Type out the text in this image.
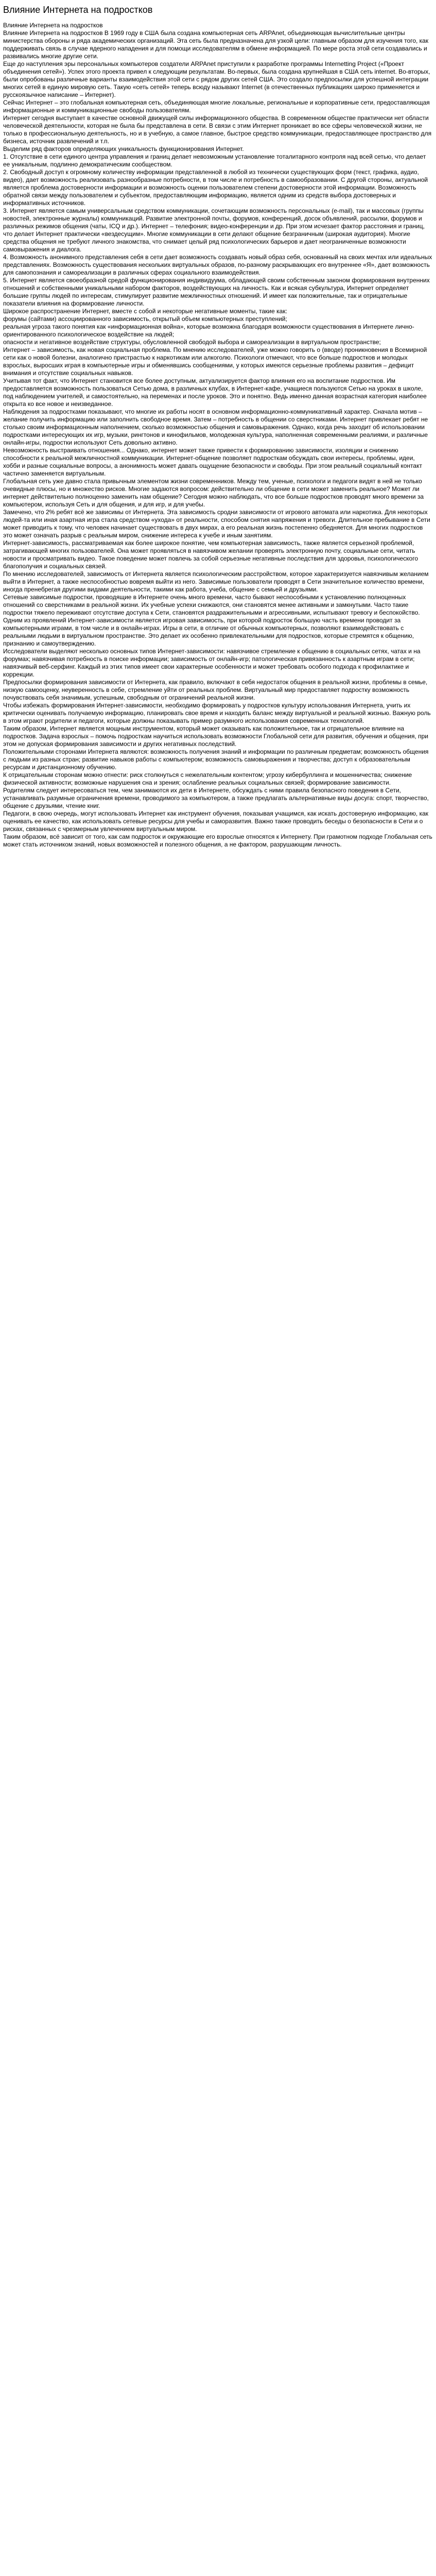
Влияние Интернета на подростков

Влияние Интернета на подростков

Влияние Интернета на подростков В 1969 году в США была создана компьютерная сеть ARPAnet, объединяющая вычислительные центры министерства обороны и ряда академических организаций. Эта сеть была предназначена для узкой цели: главным образом для изучения того, как поддерживать связь в случае ядерного нападения и для помощи исследователям в обмене информацией. По мере роста этой сети создавались и развивались многие другие сети.

Еще до наступления эры персональных компьютеров создатели ARPAnet приступили к разработке программы Internetting Project («Проект объединения сетей»). Успех этого проекта привел к следующим результатам. Во-первых, была создана крупнейшая в США сеть internet. Во-вторых, были опробованы различные варианты взаимодействия этой сети с рядом других сетей США. Это создало предпосылки для успешной интеграции многих сетей в единую мировую сеть. Такую «сеть сетей» теперь всюду называют Internet (в отечественных публикациях широко применяется и русскоязычное написание – Интернет).

Сейчас Интернет – это глобальная компьютерная сеть, объединяющая многие локальные, региональные и корпоративные сети, предоставляющая информационные и коммуникационные свободы пользователям.

Интернет сегодня выступает в качестве основной движущей силы информационного общества. В современном обществе практически нет области человеческой деятельности, которая не была бы представлена в сети. В связи с этим Интернет проникает во все сферы человеческой жизни, не только в профессиональную деятельность, но и в учебную, а самое главное, быстрое средство коммуникации, предоставляющее пространство для бизнеса, источник развлечений и т.п.

Выделим ряд факторов определяющих уникальность функционирования Интернет.

1. Отсутствие в сети единого центра управления и границ делает невозможным установление тоталитарного контроля над всей сетью, что делает ее уникальным, подлинно демократическим сообществом.

2. Свободный доступ к огромному количеству информации представленной в любой из технически существующих форм (текст, графика, аудио, видео), дает возможность реализовать разнообразные потребности, в том числе и потребность в самообразовании. С другой стороны, актуальной является проблема достоверности информации и возможность оценки пользователем степени достоверности этой информации. Возможность обратной связи между пользователем и субъектом, предоставляющим информацию, является одним из средств выбора достоверных и информативных источников.

3. Интернет является самым универсальным средством коммуникации, сочетающим возможность персональных (e-mail), так и массовых (группы новостей, электронные журналы) коммуникаций. Развитие электронной почты, форумов, конференций, досок объявлений, рассылки, форумов и различных режимов общения (чаты, ICQ и др.). Интернет – телефония; видео-конференции и др. При этом исчезает фактор расстояния и границ, что делает Интернет практически «вездесущим». Многие коммуникации в сети делают общение безграничным (широкая аудитория). Многие средства общения не требуют личного знакомства, что снимает целый ряд психологических барьеров и дает неограниченные возможности самовыражения и диалога.

4. Возможность анонимного представления себя в сети дает возможность создавать новый образ себя, основанный на своих мечтах или идеальных представлениях. Возможность существования нескольких виртуальных образов, по-разному раскрывающих его внутреннее «Я», дает возможность для самопознания и самореализации в различных сферах социального взаимодействия.

5. Интернет является своеобразной средой функционирования индивидуума, обладающей своим собственным законом формирования внутренних отношений и собственными уникальными набором факторов, воздействующих на личность. Как и всякая субкультура, Интернет определяет большие группы людей по интересам, стимулирует развитие межличностных отношений. И имеет как положительные, так и отрицательные показатели влияния на формирование личности.

Широкое распространение Интернет, вместе с собой и некоторые негативные моменты, такие как:

форумы (сайтами) ассоциированного зависимость, открытый объем компьютерных преступлений;

реальная угроза такого понятия как «информационная война», которые возможна благодаря возможности существования в Интернете лично-ориентированного психологическое воздействие на людей;

опасности и негативное воздействие структуры, обусловленной свободой выбора и самореализации в виртуальном пространстве;

Интернет – зависимость, как новая социальная проблема. По мнению исследователей, уже можно говорить о (вводе) проникновения в Всемирной сети как о новой болезни, аналогично пристрастью к наркотикам или алкоголю. Психологи отмечают, что все больше подростков и молодых взрослых, выросших играя в компьютерные игры и обменявшись сообщениями, у которых имеются серьезные проблемы развития – дефицит внимания и отсутствие социальных навыков.

Учитывая тот факт, что Интернет становится все более доступным, актуализируется фактор влияния его на воспитание подростков. Им предоставляется возможность пользоваться Сетью дома, в различных клубах, в Интернет-кафе, учащиеся пользуются Сетью на уроках в школе, под наблюдением учителей, и самостоятельно, на переменах и после уроков. Это и понятно. Ведь именно данная возрастная категория наиболее открыта ко все новое и неизведанное.

Наблюдения за подростками показывают, что многие их работы носят в основном информационно-коммуникативный характер. Сначала мотив – желание получить информацию или заполнить свободное время. Затем – потребность в общении со сверстниками. Интернет привлекает ребят не столько своим информационным наполнением, сколько возможностью общения и самовыражения. Однако, когда речь заходит об использовании подростками интересующих их игр, музыки, рингтонов и кинофильмов, молодежная культура, наполненная современными реалиями, и различные онлайн-игры, подростки используют Сеть довольно активно.

Невозможность выстраивать отношения... Однако, интернет может также привести к формированию зависимости, изоляции и снижению способности к реальной межличностной коммуникации. Интернет-общение позволяет подросткам обсуждать свои интересы, проблемы, идеи, хобби и разные социальные вопросы, а анонимность может давать ощущение безопасности и свободы. При этом реальный социальный контакт частично заменяется виртуальным.

Глобальная сеть уже давно стала привычным элементом жизни современников. Между тем, ученые, психологи и педагоги видят в ней не только очевидные плюсы, но и множество рисков. Многие задаются вопросом: действительно ли общение в сети может заменить реальное? Может ли интернет действительно полноценно заменить нам общение? Сегодня можно наблюдать, что все больше подростков проводят много времени за компьютером, используя Сеть и для общения, и для игр, и для учебы.

Замечено, что 2% ребят всё же зависимы от Интернета. Эта зависимость сродни зависимости от игрового автомата или наркотика. Для некоторых людей-та или иная азартная игра стала средством «ухода» от реальности, способом снятия напряжения и тревоги. Длительное пребывание в Сети может приводить к тому, что человек начинает существовать в двух мирах, а его реальная жизнь постепенно обедняется. Для многих подростков это может означать разрыв с реальным миром, снижение интереса к учебе и иным занятиям.

Интернет-зависимость, рассматриваемая как более широкое понятие, чем компьютерная зависимость, также является серьезной проблемой, затрагивающей многих пользователей. Она может проявляться в навязчивом желании проверять электронную почту, социальные сети, читать новости и просматривать видео. Такое поведение может повлечь за собой серьезные негативные последствия для здоровья, психологического благополучия и социальных связей.

По мнению исследователей, зависимость от Интернета является психологическим расстройством, которое характеризуется навязчивым желанием выйти в Интернет, а также неспособностью вовремя выйти из него. Зависимые пользователи проводят в Сети значительное количество времени, иногда пренебрегая другими видами деятельности, такими как работа, учеба, общение с семьей и друзьями.

Сетевые зависимые подростки, проводящие в Интернете очень много времени, часто бывают неспособными к установлению полноценных отношений со сверстниками в реальной жизни. Их учебные успехи снижаются, они становятся менее активными и замкнутыми. Часто такие подростки тяжело переживают отсутствие доступа к Сети, становятся раздражительными и агрессивными, испытывают тревогу и беспокойство.

Одним из проявлений Интернет-зависимости является игровая зависимость, при которой подросток большую часть времени проводит за компьютерными играми, в том числе и в онлайн-играх. Игры в сети, в отличие от обычных компьютерных, позволяют взаимодействовать с реальными людьми в виртуальном пространстве. Это делает их особенно привлекательными для подростков, которые стремятся к общению, признанию и самоутверждению.

Исследователи выделяют несколько основных типов Интернет-зависимости: навязчивое стремление к общению в социальных сетях, чатах и на форумах; навязчивая потребность в поиске информации; зависимость от онлайн-игр; патологическая привязанность к азартным играм в сети; навязчивый веб-серфинг. Каждый из этих типов имеет свои характерные особенности и может требовать особого подхода к профилактике и коррекции.

Предпосылки формирования зависимости от Интернета, как правило, включают в себя недостаток общения в реальной жизни, проблемы в семье, низкую самооценку, неуверенность в себе, стремление уйти от реальных проблем. Виртуальный мир предоставляет подростку возможность почувствовать себя значимым, успешным, свободным от ограничений реальной жизни.

Чтобы избежать формирования Интернет-зависимости, необходимо формировать у подростков культуру использования Интернета, учить их критически оценивать получаемую информацию, планировать свое время и находить баланс между виртуальной и реальной жизнью. Важную роль в этом играют родители и педагоги, которые должны показывать пример разумного использования современных технологий.

Таким образом, Интернет является мощным инструментом, который может оказывать как положительное, так и отрицательное влияние на подростков. Задача взрослых – помочь подросткам научиться использовать возможности Глобальной сети для развития, обучения и общения, при этом не допуская формирования зависимости и других негативных последствий.

Положительными сторонами Интернета являются: возможность получения знаний и информации по различным предметам; возможность общения с людьми из разных стран; развитие навыков работы с компьютером; возможность самовыражения и творчества; доступ к образовательным ресурсам и дистанционному обучению.

К отрицательным сторонам можно отнести: риск столкнуться с нежелательным контентом; угрозу кибербуллинга и мошенничества; снижение физической активности; возможные нарушения сна и зрения; ослабление реальных социальных связей; формирование зависимости.

Родителям следует интересоваться тем, чем занимаются их дети в Интернете, обсуждать с ними правила безопасного поведения в Сети, устанавливать разумные ограничения времени, проводимого за компьютером, а также предлагать альтернативные виды досуга: спорт, творчество, общение с друзьями, чтение книг.

Педагоги, в свою очередь, могут использовать Интернет как инструмент обучения, показывая учащимся, как искать достоверную информацию, как оценивать ее качество, как использовать сетевые ресурсы для учебы и саморазвития. Важно также проводить беседы о безопасности в Сети и о рисках, связанных с чрезмерным увлечением виртуальным миром.

Таким образом, всё зависит от того, как сам подросток и окружающие его взрослые относятся к Интернету. При грамотном подходе Глобальная сеть может стать источником знаний, новых возможностей и полезного общения, а не фактором, разрушающим личность.
